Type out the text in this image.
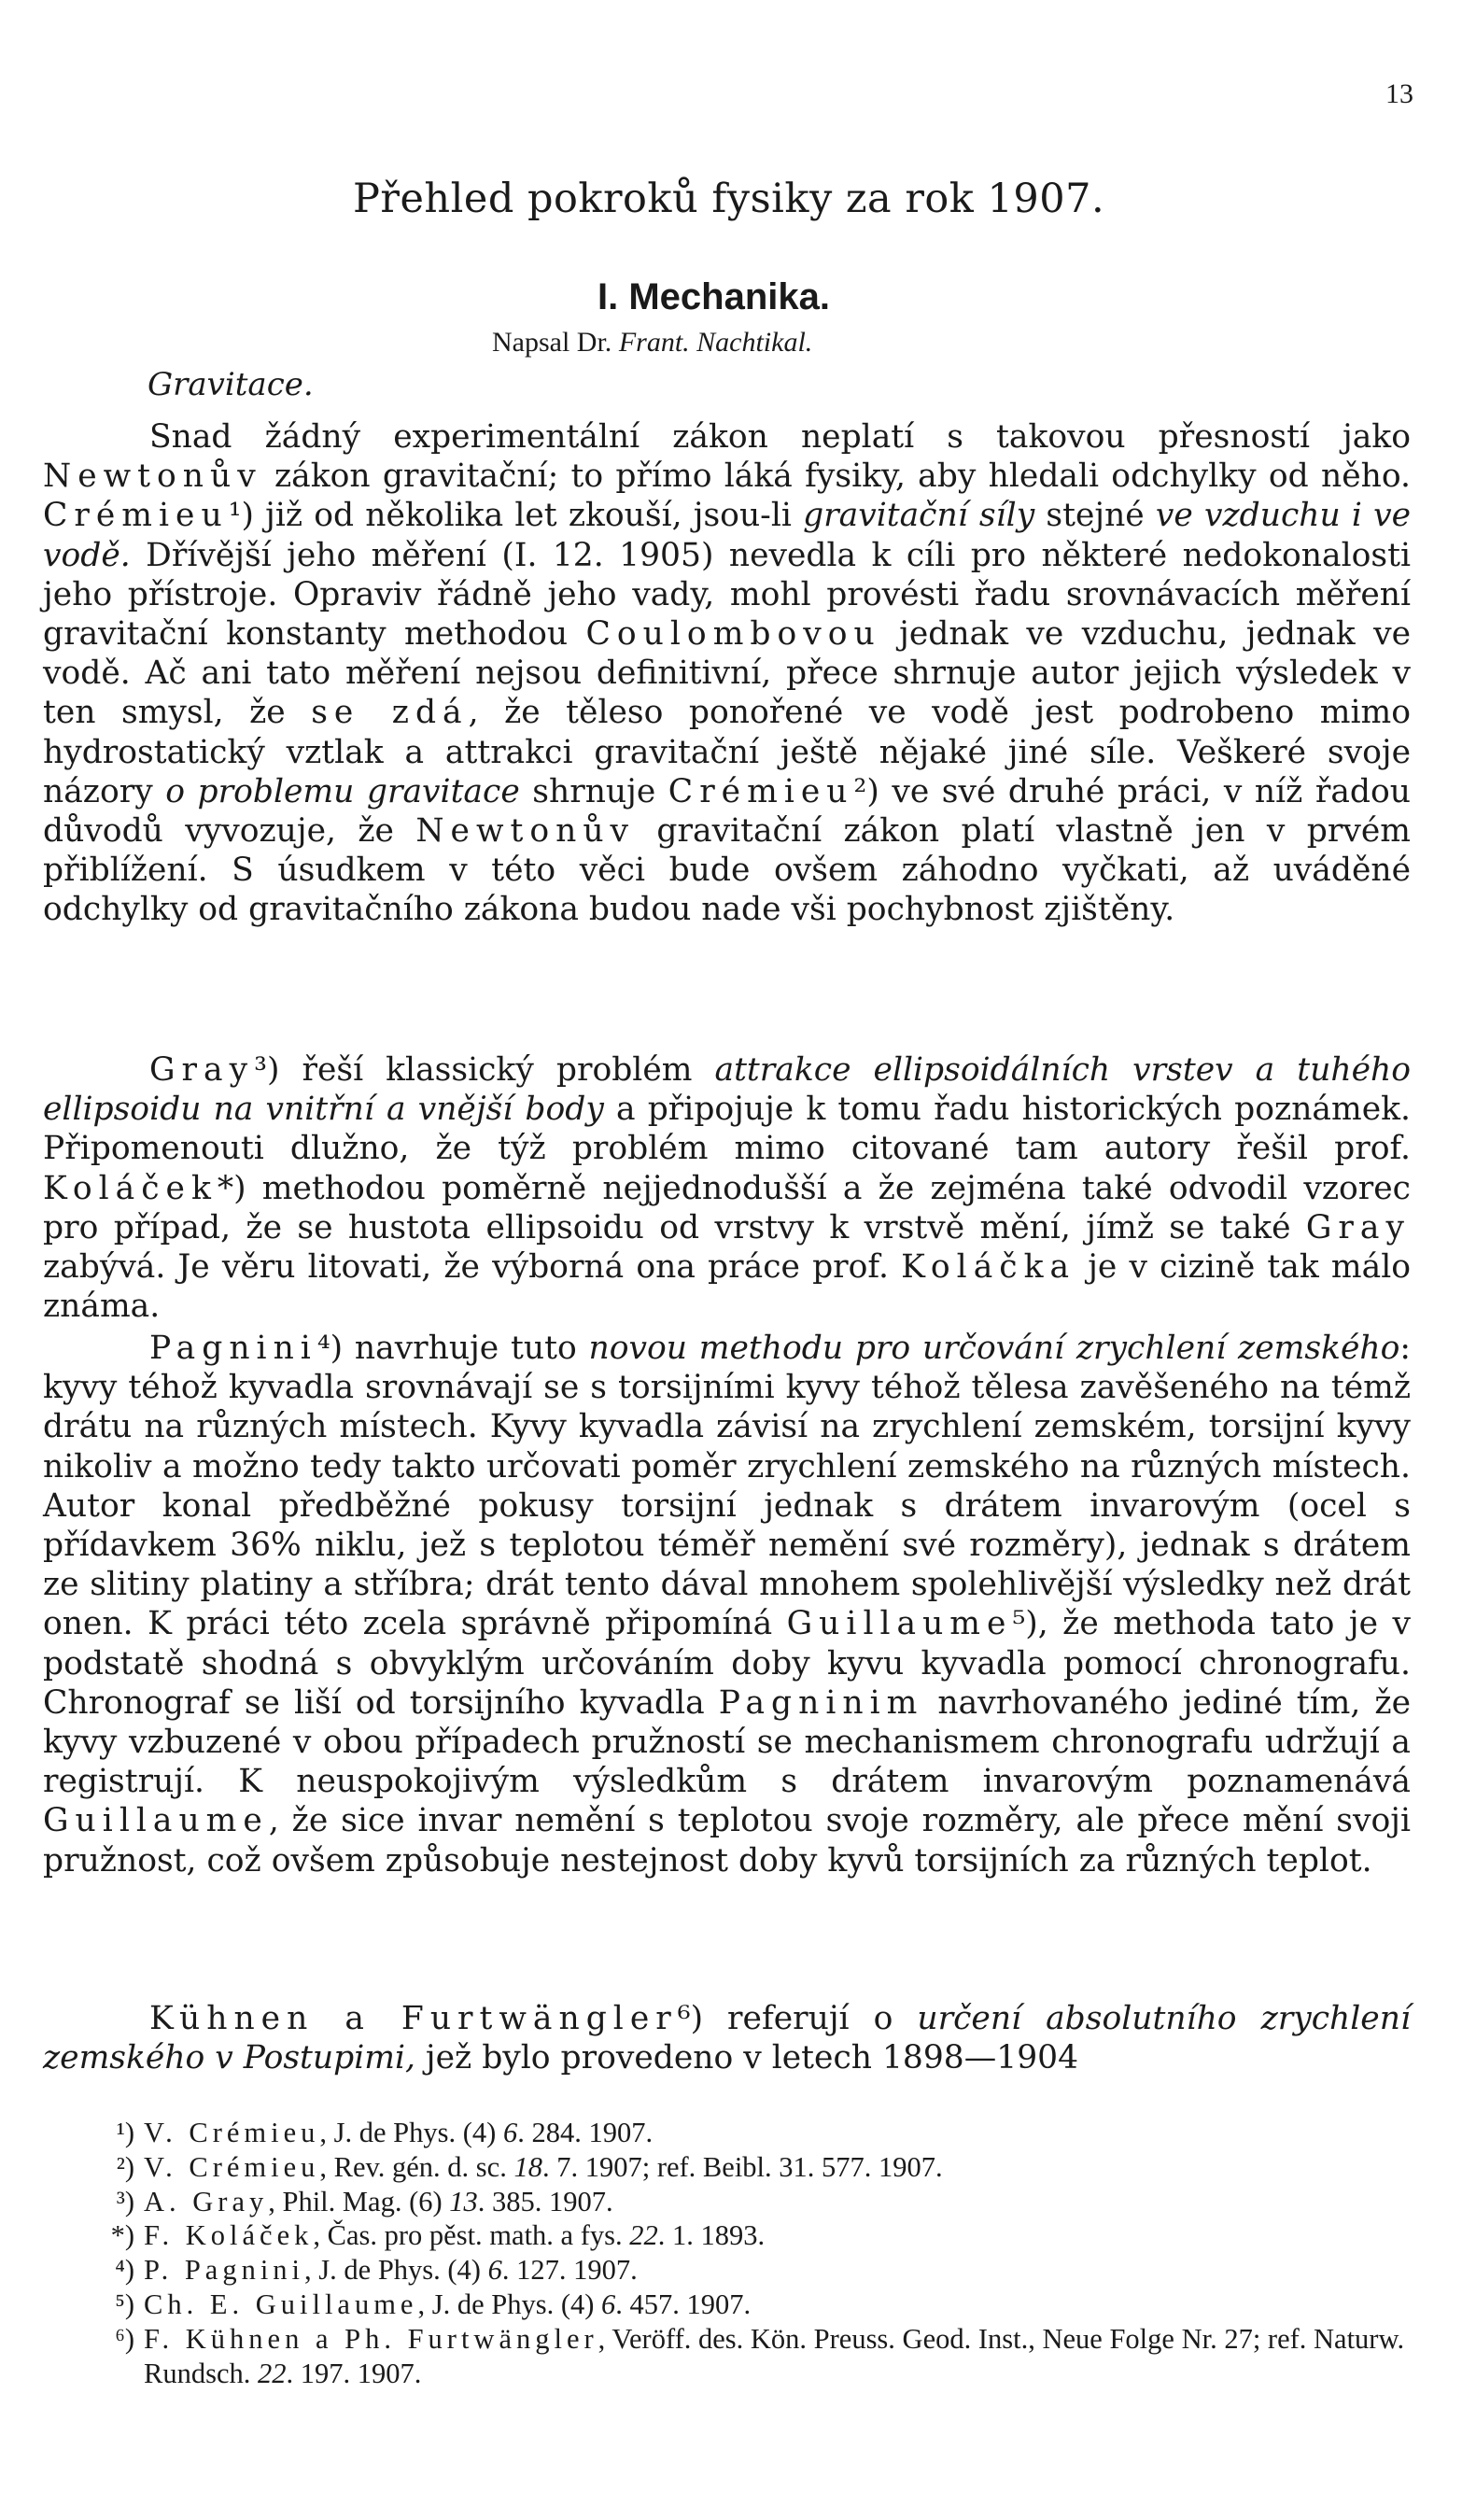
13
Přehled pokroků fysiky za rok 1907.
I. Mechanika.
Napsal Dr. Frant. Nachtikal.
Gravitace.

Snad žádný experimentální zákon neplatí s takovou přesností jako Newtonův zákon gravitační; to přímo láká fysiky, aby hledali odchylky od něho. Crémieu¹) již od několika let zkouší, jsou-li gravitační síly stejné ve vzduchu i ve vodě. Dřívější jeho měření (I. 12. 1905) nevedla k cíli pro některé nedokonalosti jeho přístroje. Opraviv řádně jeho vady, mohl provésti řadu srovnávacích měření gravitační konstanty methodou Coulombovou jednak ve vzduchu, jednak ve vodě. Ač ani tato měření nejsou definitivní, přece shrnuje autor jejich výsledek v ten smysl, že se zdá, že těleso ponořené ve vodě jest podrobeno mimo hydrostatický vztlak a attrakci gravitační ještě nějaké jiné síle. Veškeré svoje názory o problemu gravitace shrnuje Crémieu²) ve své druhé práci, v níž řadou důvodů vyvozuje, že Newtonův gravitační zákon platí vlastně jen v prvém přiblížení. S úsudkem v této věci bude ovšem záhodno vyčkati, až uváděné odchylky od gravitačního zákona budou nade vši pochybnost zjištěny.

Gray³) řeší klassický problém attrakce ellipsoidálních vrstev a tuhého ellipsoidu na vnitřní a vnější body a připojuje k tomu řadu historických poznámek. Připomenouti dlužno, že týž problém mimo citované tam autory řešil prof. Koláček*) methodou poměrně nejjednodušší a že zejména také odvodil vzorec pro případ, že se hustota ellipsoidu od vrstvy k vrstvě mění, jímž se také Gray zabývá. Je věru litovati, že výborná ona práce prof. Koláčka je v cizině tak málo známa.

Pagnini⁴) navrhuje tuto novou methodu pro určování zrychlení zemského: kyvy téhož kyvadla srovnávají se s torsijními kyvy téhož tělesa zavěšeného na témž drátu na různých místech. Kyvy kyvadla závisí na zrychlení zemském, torsijní kyvy nikoliv a možno tedy takto určovati poměr zrychlení zemského na různých místech. Autor konal předběžné pokusy torsijní jednak s drátem invarovým (ocel s přídavkem 36% niklu, jež s teplotou téměř nemění své rozměry), jednak s drátem ze slitiny platiny a stříbra; drát tento dával mnohem spolehlivější výsledky než drát onen. K práci této zcela správně připomíná Guillaume⁵), že methoda tato je v podstatě shodná s obvyklým určováním doby kyvu kyvadla pomocí chronografu. Chronograf se liší od torsijního kyvadla Pagninim navrhovaného jediné tím, že kyvy vzbuzené v obou případech pružností se mechanismem chronografu udržují a registrují. K neuspokojivým výsledkům s drátem invarovým poznamenává Guillaume, že sice invar nemění s teplotou svoje rozměry, ale přece mění svoji pružnost, což ovšem způsobuje nestejnost doby kyvů torsijních za různých teplot.

Kühnen a Furtwängler⁶) referují o určení absolutního zrychlení zemského v Postupimi, jež bylo provedeno v letech 1898—1904

¹) V. Crémieu, J. de Phys. (4) 6. 284. 1907.

²) V. Crémieu, Rev. gén. d. sc. 18. 7. 1907; ref. Beibl. 31. 577. 1907.

³) A. Gray, Phil. Mag. (6) 13. 385. 1907.

*) F. Koláček, Čas. pro pěst. math. a fys. 22. 1. 1893.

⁴) P. Pagnini, J. de Phys. (4) 6. 127. 1907.

⁵) Ch. E. Guillaume, J. de Phys. (4) 6. 457. 1907.

⁶) F. Kühnen a Ph. Furtwängler, Veröff. des. Kön. Preuss. Geod. Inst., Neue Folge Nr. 27; ref. Naturw. Rundsch. 22. 197. 1907.
